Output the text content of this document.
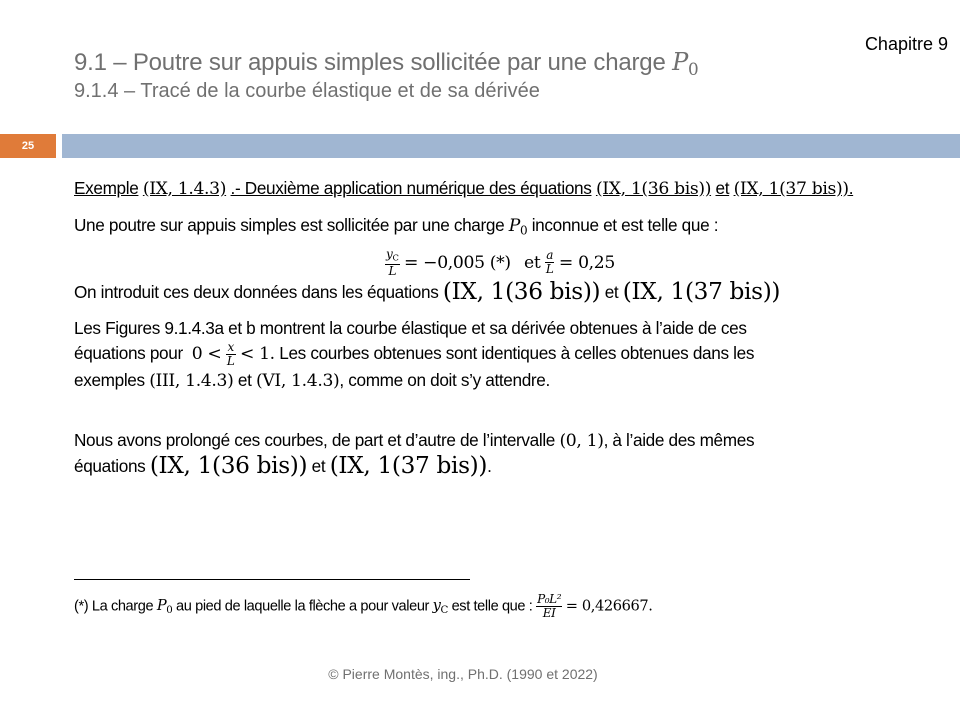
Chapitre 9
9.1 – Poutre sur appuis simples sollicitée par une charge $P_0$
9.1.4 – Tracé de la courbe élastique et de sa dérivée
25

Exemple (IX, 1.4.3) .- Deuxième application numérique des équations (IX, 1(36 bis)) et (IX, 1(37 bis)).

Une poutre sur appuis simples est sollicitée par une charge $P_0$ inconnue et est telle que :

$\frac{y_C}{L} = -0,005$ (*) et $\frac{a}{L} = 0,25$

On introduit ces deux données dans les équations (IX, 1(36 bis)) et (IX, 1(37 bis))

Les Figures 9.1.4.3a et b montrent la courbe élastique et sa dérivée obtenues à l’aide de ces
équations pour $0 < \frac{x}{L} < 1$. Les courbes obtenues sont identiques à celles obtenues dans les
exemples (III, 1.4.3) et (VI, 1.4.3), comme on doit s’y attendre.

Nous avons prolongé ces courbes, de part et d’autre de l’intervalle (0, 1), à l’aide des mêmes
équations (IX, 1(36 bis)) et (IX, 1(37 bis)).

(*) La charge $P_0$ au pied de laquelle la flèche a pour valeur $y_C$ est telle que : $\frac{\text{P₀L²}}{EI} = 0,426667$.
© Pierre Montès, ing., Ph.D. (1990 et 2022)
